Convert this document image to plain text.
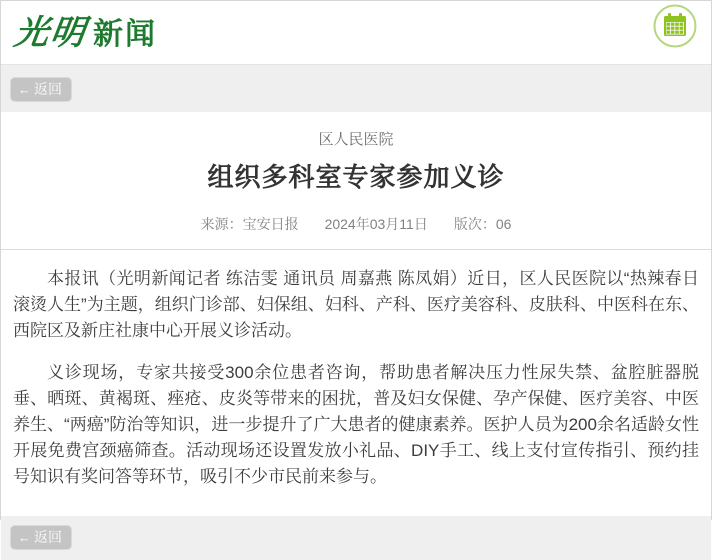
光明 新闻
← 返回
区人民医院
组织多科室专家参加义诊
来源：宝安日报 2024年03月11日 版次：06

本报讯（光明新闻记者 练洁雯 通讯员 周嘉燕 陈凤娟）近日，区人民医院以“热辣春日 滚烫人生”为主题，组织门诊部、妇保组、妇科、产科、医疗美容科、皮肤科、中医科在东、西院区及新庄社康中心开展义诊活动。

义诊现场，专家共接受300余位患者咨询，帮助患者解决压力性尿失禁、盆腔脏器脱垂、晒斑、黄褐斑、痤疮、皮炎等带来的困扰，普及妇女保健、孕产保健、医疗美容、中医养生、“两癌”防治等知识，进一步提升了广大患者的健康素养。医护人员为200余名适龄女性开展免费宫颈癌筛查。活动现场还设置发放小礼品、DIY手工、线上支付宣传指引、预约挂号知识有奖问答等环节，吸引不少市民前来参与。

← 返回
